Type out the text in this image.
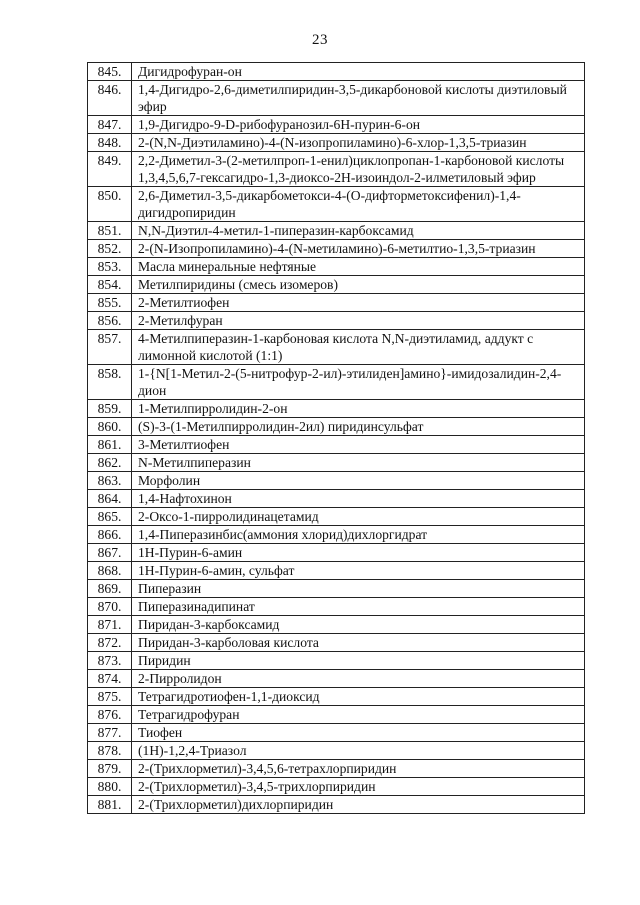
23
845.	Дигидрофуран-он
846.	1,4-Дигидро-2,6-диметилпиридин-3,5-дикарбоновой кислоты диэтиловый эфир
847.	1,9-Дигидро-9-D-рибофуранозил-6Н-пурин-6-он
848.	2-(N,N-Диэтиламино)-4-(N-изопропиламино)-6-хлор-1,3,5-триазин
849.	2,2-Диметил-3-(2-метилпроп-1-енил)циклопропан-1-карбоновой кислоты 1,3,4,5,6,7-гексагидро-1,3-диоксо-2Н-изоиндол-2-илметиловый эфир
850.	2,6-Диметил-3,5-дикарбометокси-4-(О-дифторметоксифенил)-1,4-дигидропиридин
851.	N,N-Диэтил-4-метил-1-пиперазин-карбоксамид
852.	2-(N-Изопропиламино)-4-(N-метиламино)-6-метилтио-1,3,5-триазин
853.	Масла минеральные нефтяные
854.	Метилпиридины (смесь изомеров)
855.	2-Метилтиофен
856.	2-Метилфуран
857.	4-Метилпиперазин-1-карбоновая кислота N,N-диэтиламид, аддукт с лимонной кислотой (1:1)
858.	1-{N[1-Метил-2-(5-нитрофур-2-ил)-этилиден]амино}-имидозалидин-2,4-дион
859.	1-Метилпирролидин-2-он
860.	(S)-3-(1-Метилпирролидин-2ил) пиридинсульфат
861.	3-Метилтиофен
862.	N-Метилпиперазин
863.	Морфолин
864.	1,4-Нафтохинон
865.	2-Оксо-1-пирролидинацетамид
866.	1,4-Пиперазинбис(аммония хлорид)дихлоргидрат
867.	1Н-Пурин-6-амин
868.	1Н-Пурин-6-амин, сульфат
869.	Пиперазин
870.	Пиперазинадипинат
871.	Пиридан-3-карбоксамид
872.	Пиридан-3-карболовая кислота
873.	Пиридин
874.	2-Пирролидон
875.	Тетрагидротиофен-1,1-диоксид
876.	Тетрагидрофуран
877.	Тиофен
878.	(1Н)-1,2,4-Триазол
879.	2-(Трихлорметил)-3,4,5,6-тетрахлорпиридин
880.	2-(Трихлорметил)-3,4,5-трихлорпиридин
881.	2-(Трихлорметил)дихлорпиридин
